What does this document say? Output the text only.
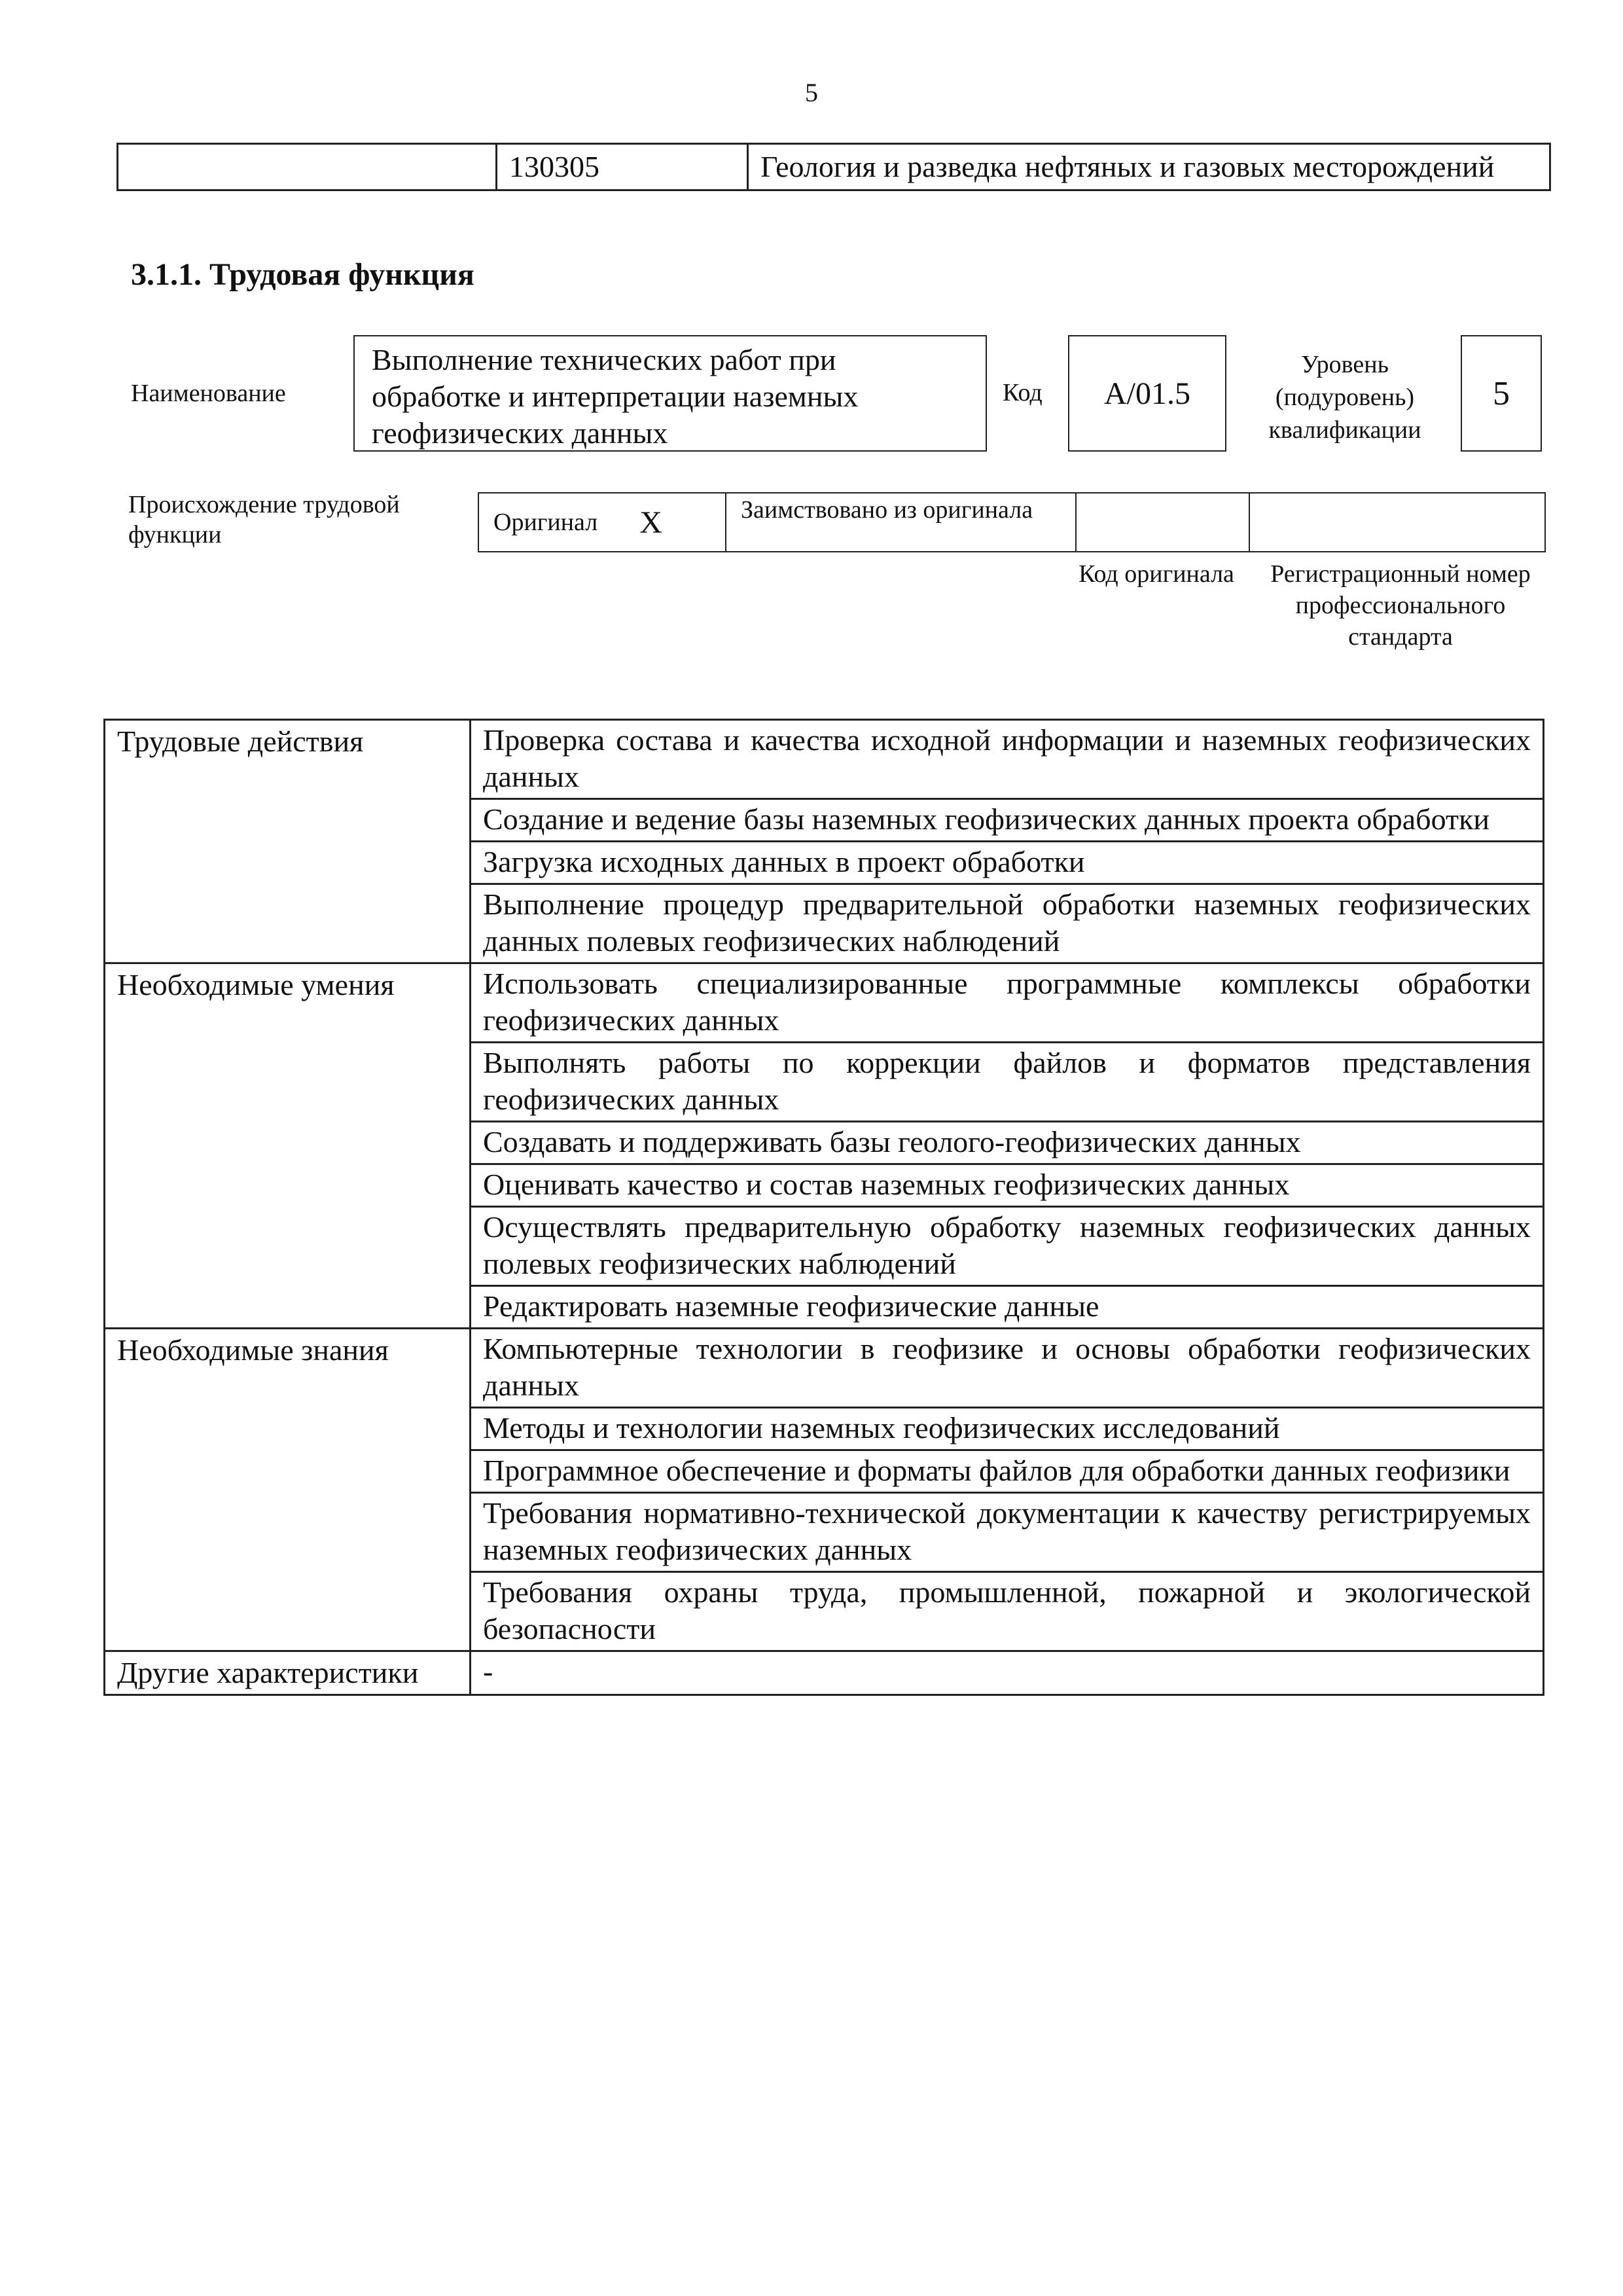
5
	130305	Геология и разведка нефтяных и газовых месторождений
3.1.1. Трудовая функция
Наименование
Выполнение технических работ при обработке и интерпретации наземных геофизических данных
Код	А/01.5
Уровень (подуровень) квалификации
5
Происхождение трудовой функции	Оригинал X	Заимствовано из оригинала
Код оригинала	Регистрационный номер профессионального стандарта
Трудовые действия	Проверка состава и качества исходной информации и наземных геофизических данных
	Создание и ведение базы наземных геофизических данных проекта обработки
	Загрузка исходных данных в проект обработки
	Выполнение процедур предварительной обработки наземных геофизических данных полевых геофизических наблюдений
Необходимые умения	Использовать специализированные программные комплексы обработки геофизических данных
	Выполнять работы по коррекции файлов и форматов представления геофизических данных
	Создавать и поддерживать базы геолого-геофизических данных
	Оценивать качество и состав наземных геофизических данных
	Осуществлять предварительную обработку наземных геофизических данных полевых геофизических наблюдений
	Редактировать наземные геофизические данные
Необходимые знания	Компьютерные технологии в геофизике и основы обработки геофизических данных
	Методы и технологии наземных геофизических исследований
	Программное обеспечение и форматы файлов для обработки данных геофизики
	Требования нормативно-технической документации к качеству регистрируемых наземных геофизических данных
	Требования охраны труда, промышленной, пожарной и экологической безопасности
Другие характеристики	-
